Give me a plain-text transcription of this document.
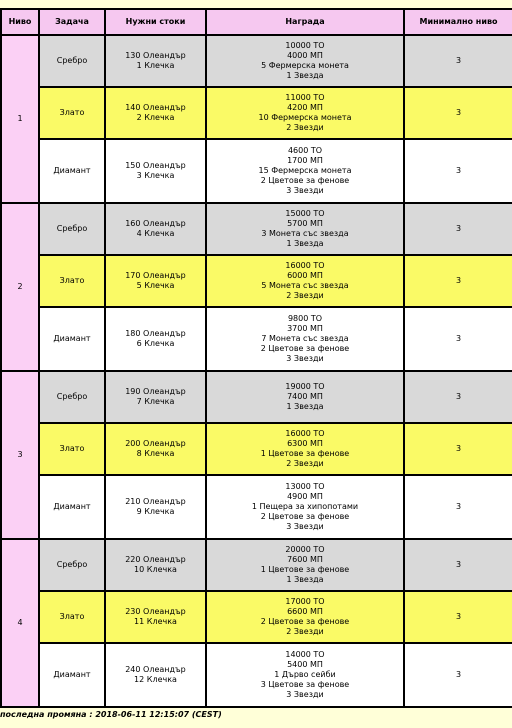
Ниво	Задача	Нужни стоки	Награда	Минимално ниво
1	Сребро	130 Олеандър
1 Клечка	10000 ТО
4000 МП
5 Фермерска монета
1 Звезда	3
	Злато	140 Олеандър
2 Клечка	11000 ТО
4200 МП
10 Фермерска монета
2 Звезди	3
	Диамант	150 Олеандър
3 Клечка	4600 ТО
1700 МП
15 Фермерска монета
2 Цветове за фенове
3 Звезди	3
2	Сребро	160 Олеандър
4 Клечка	15000 ТО
5700 МП
3 Монета със звезда
1 Звезда	3
	Злато	170 Олеандър
5 Клечка	16000 ТО
6000 МП
5 Монета със звезда
2 Звезди	3
	Диамант	180 Олеандър
6 Клечка	9800 ТО
3700 МП
7 Монета със звезда
2 Цветове за фенове
3 Звезди	3
3	Сребро	190 Олеандър
7 Клечка	19000 ТО
7400 МП
1 Звезда	3
	Злато	200 Олеандър
8 Клечка	16000 ТО
6300 МП
1 Цветове за фенове
2 Звезди	3
	Диамант	210 Олеандър
9 Клечка	13000 ТО
4900 МП
1 Пещера за хипопотами
2 Цветове за фенове
3 Звезди	3
4	Сребро	220 Олеандър
10 Клечка	20000 ТО
7600 МП
1 Цветове за фенове
1 Звезда	3
	Злато	230 Олеандър
11 Клечка	17000 ТО
6600 МП
2 Цветове за фенове
2 Звезди	3
	Диамант	240 Олеандър
12 Клечка	14000 ТО
5400 МП
1 Дърво сейби
3 Цветове за фенове
3 Звезди	3
последна промяна : 2018-06-11 12:15:07 (CEST)
